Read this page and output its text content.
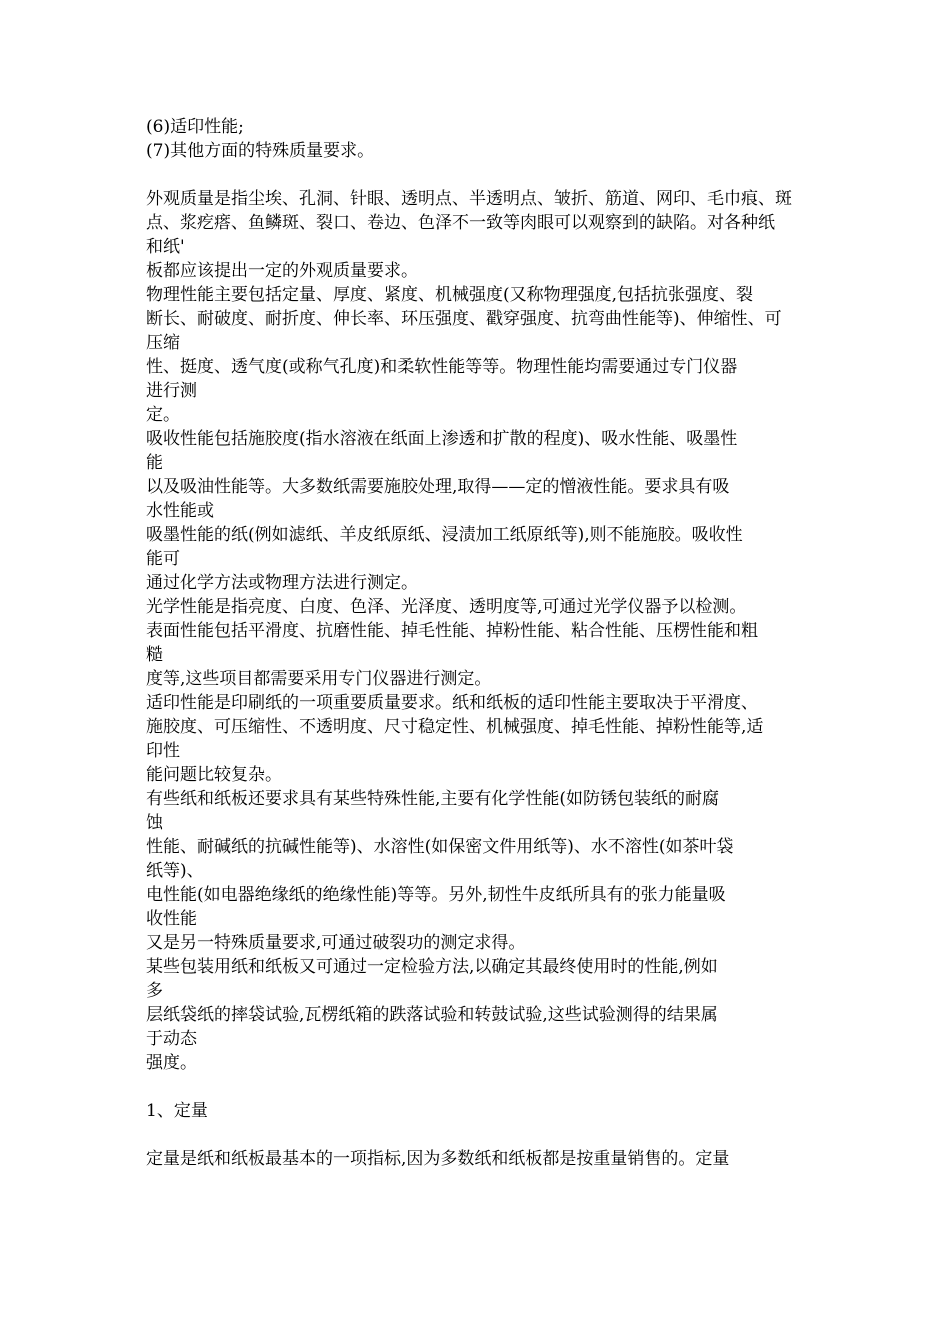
(6)适印性能;
(7)其他方面的特殊质量要求。
外观质量是指尘埃、孔洞、针眼、透明点、半透明点、皱折、筋道、网印、毛巾痕、斑
点、浆疙瘩、鱼鳞斑、裂口、卷边、色泽不一致等肉眼可以观察到的缺陷。对各种纸
和纸'
板都应该提出一定的外观质量要求。
物理性能主要包括定量、厚度、紧度、机械强度(又称物理强度,包括抗张强度、裂
断长、耐破度、耐折度、伸长率、环压强度、戳穿强度、抗弯曲性能等)、伸缩性、可
压缩
性、挺度、透气度(或称气孔度)和柔软性能等等。物理性能均需要通过专门仪器
进行测
定。
吸收性能包括施胶度(指水溶液在纸面上渗透和扩散的程度)、吸水性能、吸墨性
能
以及吸油性能等。大多数纸需要施胶处理,取得——定的憎液性能。要求具有吸
水性能或
吸墨性能的纸(例如滤纸、羊皮纸原纸、浸渍加工纸原纸等),则不能施胶。吸收性
能可
通过化学方法或物理方法进行测定。
光学性能是指亮度、白度、色泽、光泽度、透明度等,可通过光学仪器予以检测。
表面性能包括平滑度、抗磨性能、掉毛性能、掉粉性能、粘合性能、压楞性能和粗
糙
度等,这些项目都需要采用专门仪器进行测定。
适印性能是印刷纸的一项重要质量要求。纸和纸板的适印性能主要取决于平滑度、
施胶度、可压缩性、不透明度、尺寸稳定性、机械强度、掉毛性能、掉粉性能等,适
印性
能问题比较复杂。
有些纸和纸板还要求具有某些特殊性能,主要有化学性能(如防锈包装纸的耐腐
蚀
性能、耐碱纸的抗碱性能等)、水溶性(如保密文件用纸等)、水不溶性(如茶叶袋
纸等)、
电性能(如电器绝缘纸的绝缘性能)等等。另外,韧性牛皮纸所具有的张力能量吸
收性能
又是另一特殊质量要求,可通过破裂功的测定求得。
某些包装用纸和纸板又可通过一定检验方法,以确定其最终使用时的性能,例如
多
层纸袋纸的摔袋试验,瓦楞纸箱的跌落试验和转鼓试验,这些试验测得的结果属
于动态
强度。
1、定量
定量是纸和纸板最基本的一项指标,因为多数纸和纸板都是按重量销售的。定量
